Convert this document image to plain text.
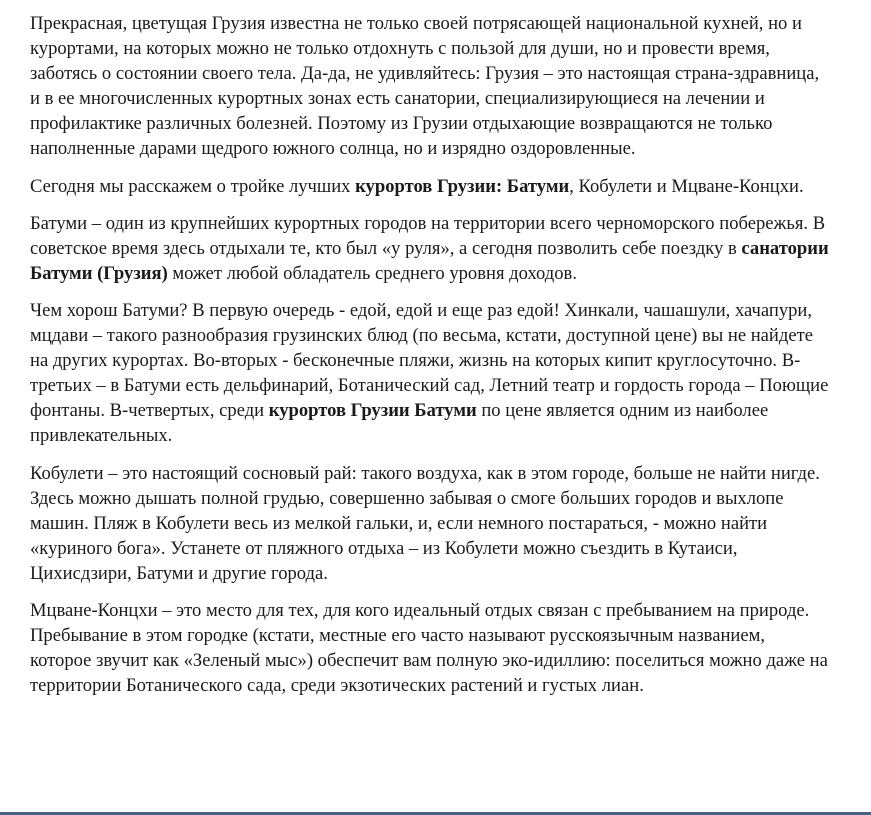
Прекрасная, цветущая Грузия известна не только своей потрясающей национальной кухней, но и курортами, на которых можно не только отдохнуть с пользой для души, но и провести время, заботясь о состоянии своего тела. Да-да, не удивляйтесь: Грузия – это настоящая страна-здравница, и в ее многочисленных курортных зонах есть санатории, специализирующиеся на лечении и профилактике различных болезней. Поэтому из Грузии отдыхающие возвращаются не только наполненные дарами щедрого южного солнца, но и изрядно оздоровленные.

Сегодня мы расскажем о тройке лучших курортов Грузии: Батуми, Кобулети и Мцване-Концхи.

Батуми – один из крупнейших курортных городов на территории всего черноморского побережья. В советское время здесь отдыхали те, кто был «у руля», а сегодня позволить себе поездку в санатории Батуми (Грузия) может любой обладатель среднего уровня доходов.

Чем хорош Батуми? В первую очередь - едой, едой и еще раз едой! Хинкали, чашашули, хачапури, мцдави – такого разнообразия грузинских блюд (по весьма, кстати, доступной цене) вы не найдете на других курортах. Во-вторых - бесконечные пляжи, жизнь на которых кипит круглосуточно. В-третьих – в Батуми есть дельфинарий, Ботанический сад, Летний театр и гордость города – Поющие фонтаны. В-четвертых, среди курортов Грузии Батуми по цене является одним из наиболее привлекательных.

Кобулети – это настоящий сосновый рай: такого воздуха, как в этом городе, больше не найти нигде. Здесь можно дышать полной грудью, совершенно забывая о смоге больших городов и выхлопе машин. Пляж в Кобулети весь из мелкой гальки, и, если немного постараться, - можно найти «куриного бога». Устанете от пляжного отдыха – из Кобулети можно съездить в Кутаиси, Цихисдзири, Батуми и другие города.

Мцване-Концхи – это место для тех, для кого идеальный отдых связан с пребыванием на природе. Пребывание в этом городке (кстати, местные его часто называют русскоязычным названием, которое звучит как «Зеленый мыс») обеспечит вам полную эко-идиллию: поселиться можно даже на территории Ботанического сада, среди экзотических растений и густых лиан.
